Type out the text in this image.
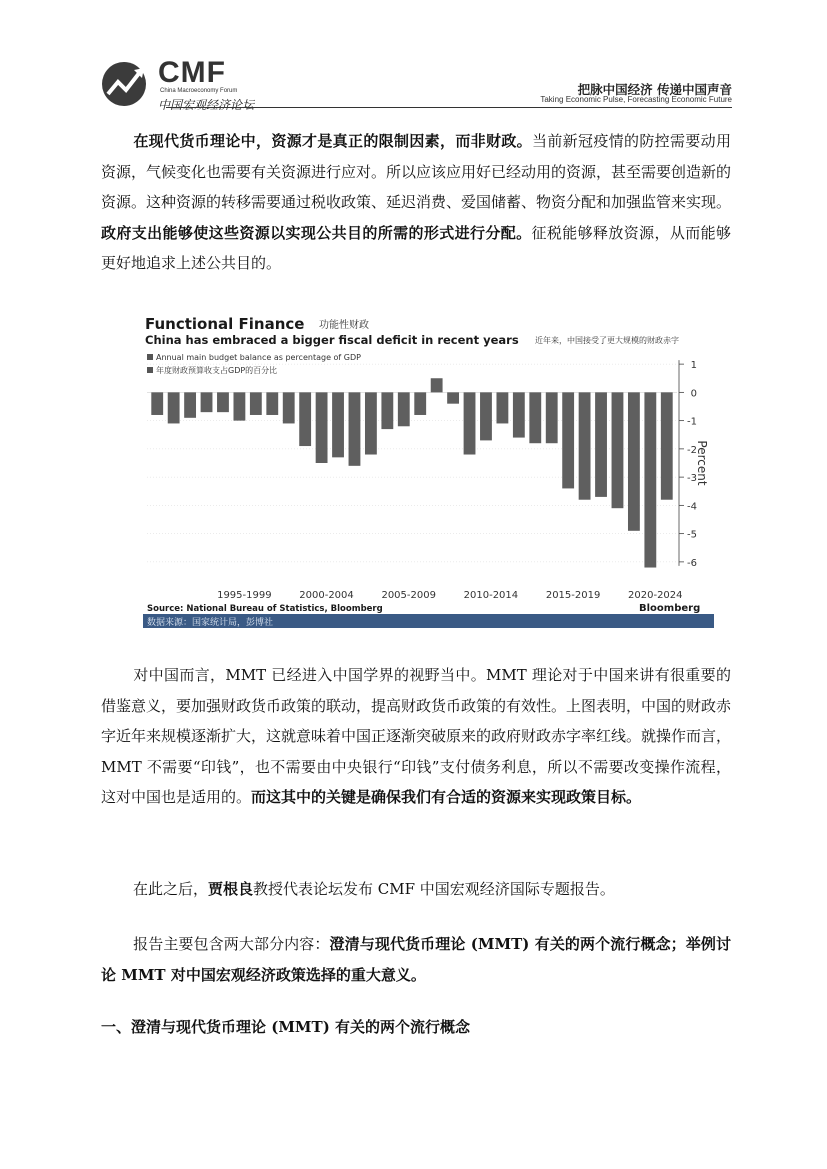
CMF
China Macroeconomy Forum
中国宏观经济论坛
把脉中国经济 传递中国声音
Taking Economic Pulse, Forecasting Economic Future
在现代货币理论中，资源才是真正的限制因素，而非财政。当前新冠疫情的防控需要动用资源，气候变化也需要有关资源进行应对。所以应该应用好已经动用的资源，甚至需要创造新的资源。这种资源的转移需要通过税收政策、延迟消费、爱国储蓄、物资分配和加强监管来实现。政府支出能够使这些资源以实现公共目的所需的形式进行分配。征税能够释放资源，从而能够更好地追求上述公共目的。
Functional Finance 功能性财政
China has embraced a bigger fiscal deficit in recent years 近年来，中国接受了更大规模的财政赤字
Annual main budget balance as percentage of GDP
年度财政预算收支占GDP的百分比	1
0
-1
-2
-3
-4
-5
-6
Percent
1995-1999	2000-2004	2005-2009	2010-2014	2015-2019	2020-2024
Source: National Bureau of Statistics, Bloomberg	Bloomberg
数据来源：国家统计局，彭博社
对中国而言，MMT 已经进入中国学界的视野当中。MMT 理论对于中国来讲有很重要的借鉴意义，要加强财政货币政策的联动，提高财政货币政策的有效性。上图表明，中国的财政赤字近年来规模逐渐扩大，这就意味着中国正逐渐突破原来的政府财政赤字率红线。就操作而言，MMT 不需要“印钱”，也不需要由中央银行“印钱”支付债务利息，所以不需要改变操作流程，这对中国也是适用的。而这其中的关键是确保我们有合适的资源来实现政策目标。
在此之后，贾根良教授代表论坛发布 CMF 中国宏观经济国际专题报告。
报告主要包含两大部分内容：澄清与现代货币理论 (MMT) 有关的两个流行概念；举例讨论 MMT 对中国宏观经济政策选择的重大意义。
一、澄清与现代货币理论 (MMT) 有关的两个流行概念
